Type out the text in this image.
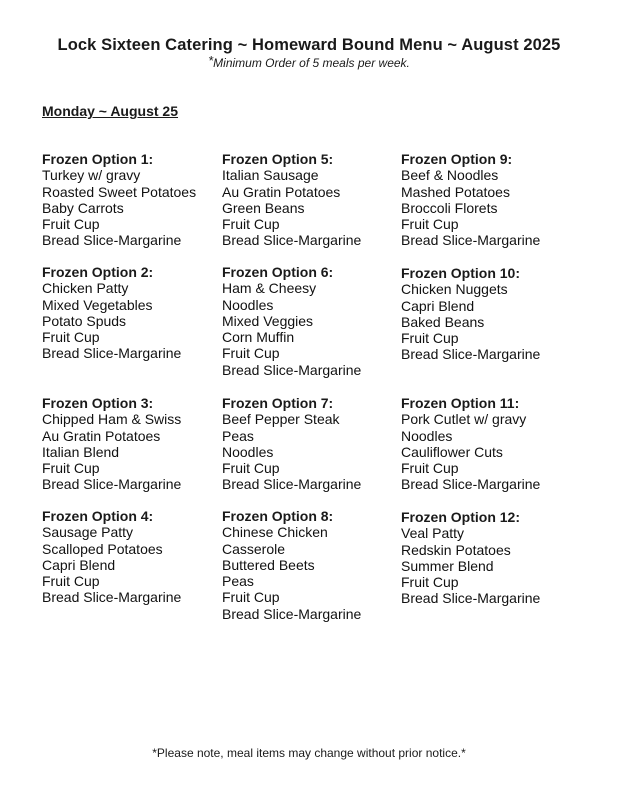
Lock Sixteen Catering ~ Homeward Bound Menu ~ August 2025
*Minimum Order of 5 meals per week.
Monday ~ August 25
Frozen Option 1:
Turkey w/ gravy
Roasted Sweet Potatoes
Baby Carrots
Fruit Cup
Bread Slice-Margarine
Frozen Option 2:
Chicken Patty
Mixed Vegetables
Potato Spuds
Fruit Cup
Bread Slice-Margarine
Frozen Option 3:
Chipped Ham & Swiss
Au Gratin Potatoes
Italian Blend
Fruit Cup
Bread Slice-Margarine
Frozen Option 4:
Sausage Patty
Scalloped Potatoes
Capri Blend
Fruit Cup
Bread Slice-Margarine
Frozen Option 5:
Italian Sausage
Au Gratin Potatoes
Green Beans
Fruit Cup
Bread Slice-Margarine
Frozen Option 6:
Ham & Cheesy
Noodles
Mixed Veggies
Corn Muffin
Fruit Cup
Bread Slice-Margarine
Frozen Option 7:
Beef Pepper Steak
Peas
Noodles
Fruit Cup
Bread Slice-Margarine
Frozen Option 8:
Chinese Chicken
Casserole
Buttered Beets
Peas
Fruit Cup
Bread Slice-Margarine
Frozen Option 9:
Beef & Noodles
Mashed Potatoes
Broccoli Florets
Fruit Cup
Bread Slice-Margarine
Frozen Option 10:
Chicken Nuggets
Capri Blend
Baked Beans
Fruit Cup
Bread Slice-Margarine
Frozen Option 11:
Pork Cutlet w/ gravy
Noodles
Cauliflower Cuts
Fruit Cup
Bread Slice-Margarine
Frozen Option 12:
Veal Patty
Redskin Potatoes
Summer Blend
Fruit Cup
Bread Slice-Margarine
*Please note, meal items may change without prior notice.*
